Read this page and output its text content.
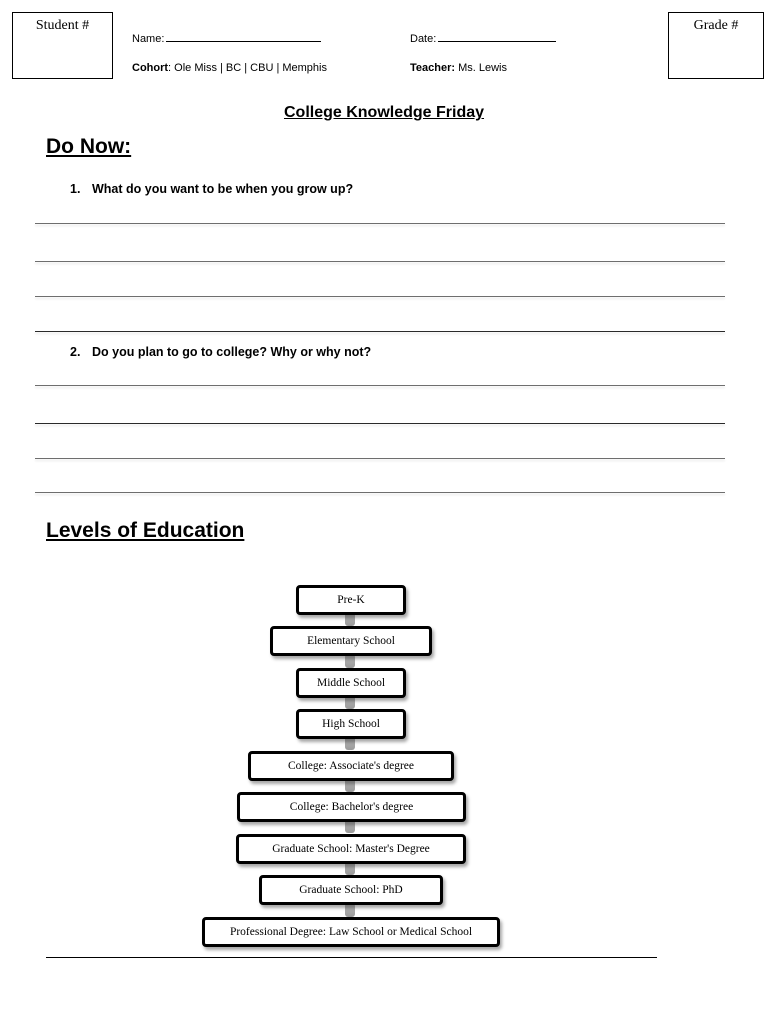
Student #	Grade #
Name:	Date:
Cohort: Ole Miss | BC | CBU | Memphis	Teacher: Ms. Lewis
College Knowledge Friday
Do Now:
1. What do you want to be when you grow up?
2. Do you plan to go to college? Why or why not?
Levels of Education
Pre-K
Elementary School
Middle School
High School
College: Associate's degree
College: Bachelor's degree
Graduate School: Master's Degree
Graduate School: PhD
Professional Degree: Law School or Medical School
